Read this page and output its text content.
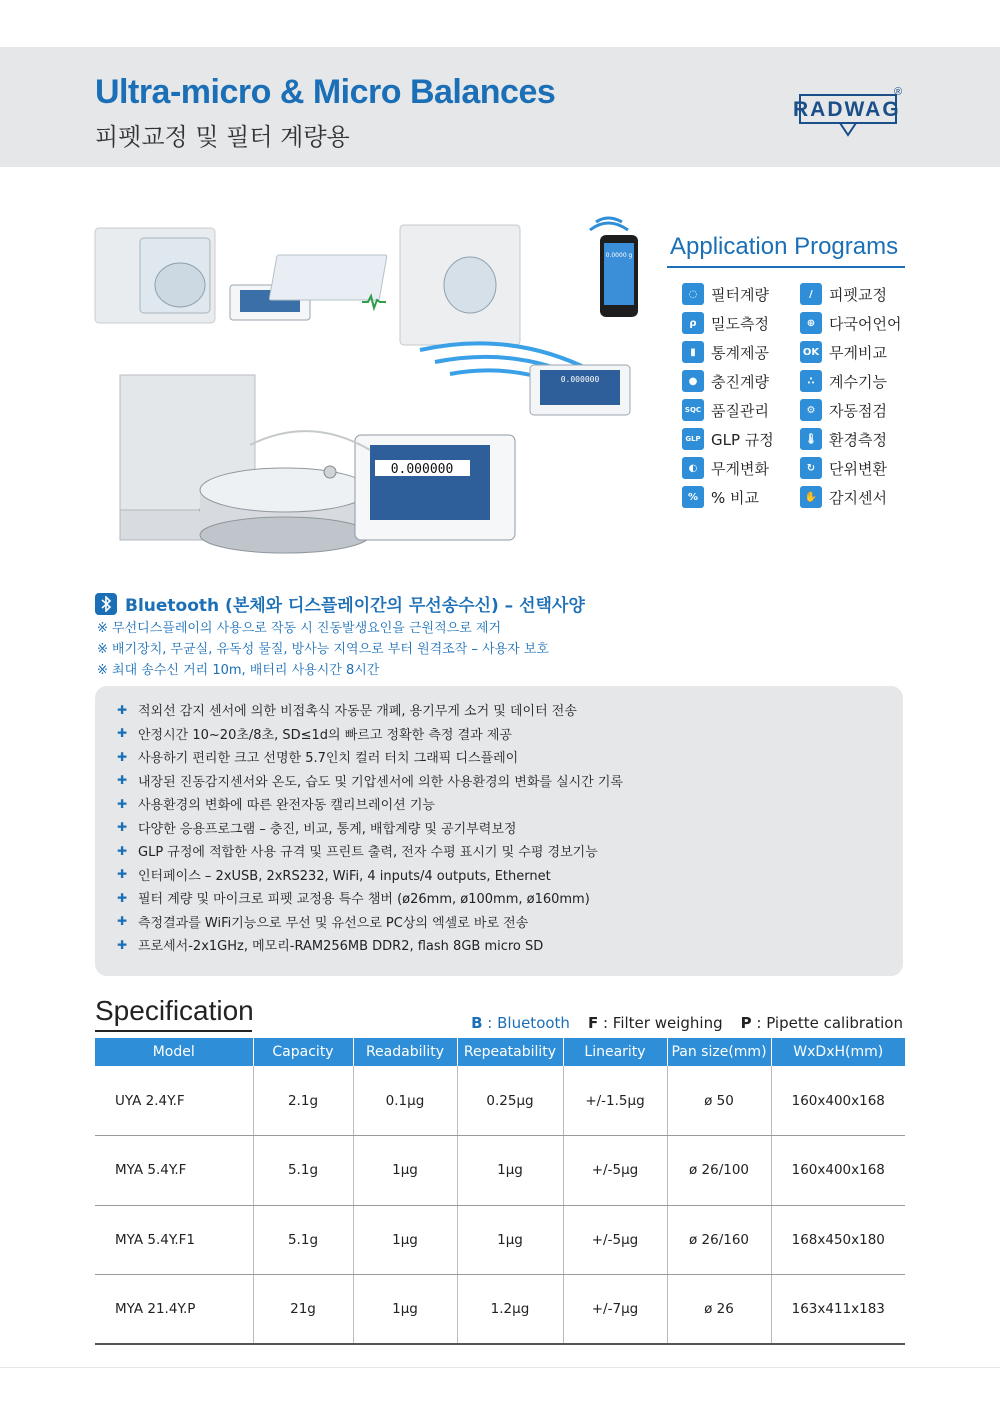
Ultra-micro & Micro Balances
피펫교정 및 필터 계량용
RADWAG
®
0.0000 g
0.000000
0.000000
Application Programs
◌ 필터계량	/	피펫교정
ρ 밀도측정	⊕ 다국어언어
▮	통계제공	OK 무게비교
● 충진계량	∴ 계수기능
SQC 품질관리	⚙ 자동점검
GLP GLP 규정	🌡 환경측정
◐ 무게변화	↻ 단위변환
% % 비교	✋ 감지센서
Bluetooth (본체와 디스플레이간의 무선송수신) – 선택사양
※ 무선디스플레이의 사용으로 작동 시 진동발생요인을 근원적으로 제거
※ 배기장치, 무균실, 유독성 물질, 방사능 지역으로 부터 원격조작 – 사용자 보호
※ 최대 송수신 거리 10m, 배터리 사용시간 8시간
✚ 적외선 감지 센서에 의한 비접촉식 자동문 개폐, 용기무게 소거 및 데이터 전송
✚ 안정시간 10~20초/8초, SD≤1d의 빠르고 정확한 측정 결과 제공
✚ 사용하기 편리한 크고 선명한 5.7인치 컬러 터치 그래픽 디스플레이
✚ 내장된 진동감지센서와 온도, 습도 및 기압센서에 의한 사용환경의 변화를 실시간 기록
✚ 사용환경의 변화에 따른 완전자동 캘리브레이션 기능
✚ 다양한 응용프로그램 – 충진, 비교, 통계, 배합계량 및 공기부력보정
✚ GLP 규정에 적합한 사용 규격 및 프린트 출력, 전자 수평 표시기 및 수평 경보기능
✚ 인터페이스 – 2xUSB, 2xRS232, WiFi, 4 inputs/4 outputs, Ethernet
✚ 필터 계량 및 마이크로 피펫 교정용 특수 챔버 (ø26mm, ø100mm, ø160mm)
✚ 측정결과를 WiFi기능으로 무선 및 유선으로 PC상의 엑셀로 바로 전송
✚ 프로세서-2x1GHz, 메모리-RAM256MB DDR2, flash 8GB micro SD
Specification	B : Bluetooth F : Filter weighing P : Pipette calibration
Model	Capacity	Readability	Repeatability	Linearity	Pan size(mm)	WxDxH(mm)
UYA 2.4Y.F	2.1g	0.1μg	0.25μg	+/-1.5μg	ø 50	160x400x168
MYA 5.4Y.F	5.1g	1μg	1μg	+/-5μg	ø 26/100	160x400x168
MYA 5.4Y.F1	5.1g	1μg	1μg	+/-5μg	ø 26/160	168x450x180
MYA 21.4Y.P	21g	1μg	1.2μg	+/-7μg	ø 26	163x411x183
